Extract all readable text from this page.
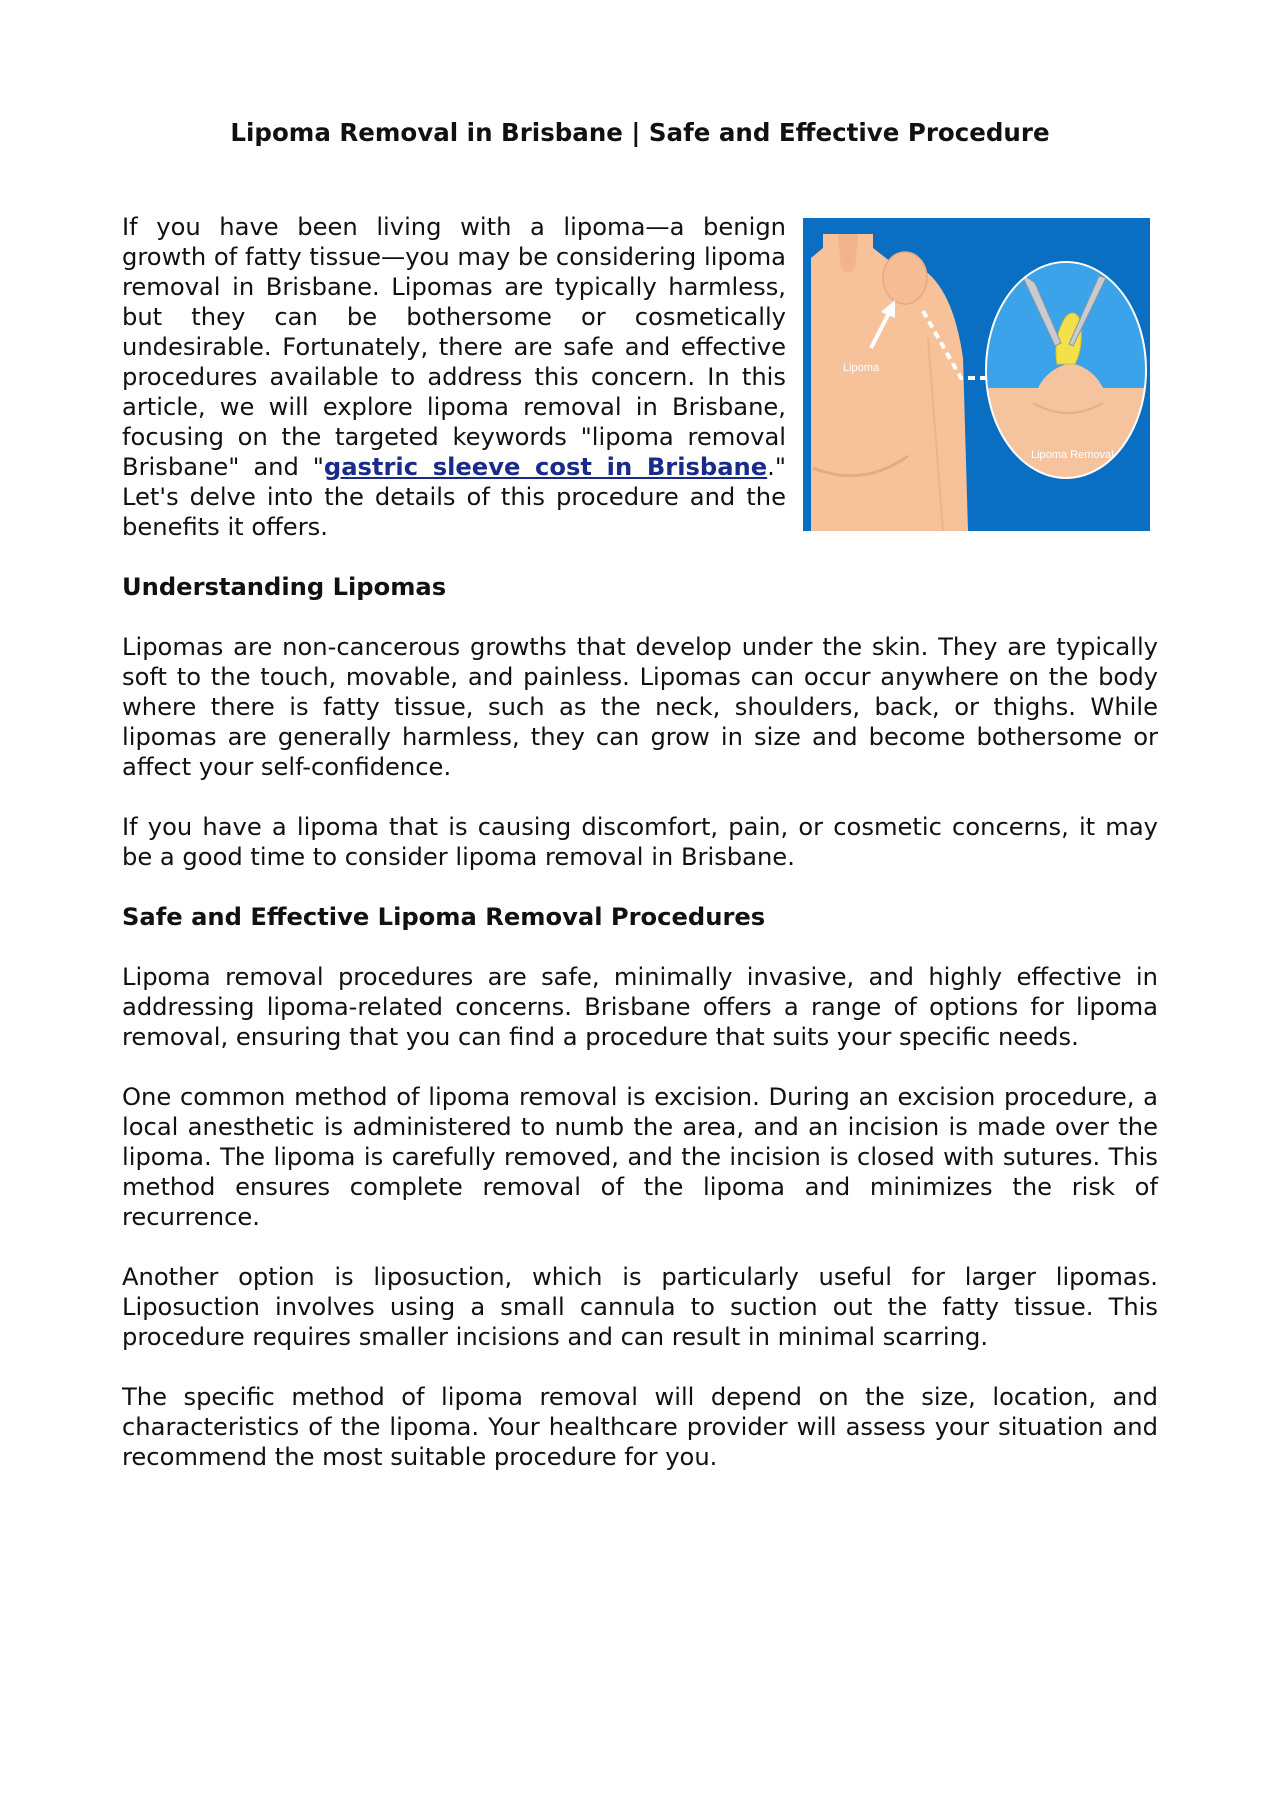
Lipoma Removal in Brisbane | Safe and Effective Procedure
Lipoma
Lipoma Removal

If you have been living with a lipoma—a benign growth of fatty tissue—you may be considering lipoma removal in Brisbane. Lipomas are typically harmless, but they can be bothersome or cosmetically undesirable. Fortunately, there are safe and effective procedures available to address this concern. In this article, we will explore lipoma removal in Brisbane, focusing on the targeted keywords "lipoma removal Brisbane" and "gastric sleeve cost in Brisbane." Let's delve into the details of this procedure and the benefits it offers.

Understanding Lipomas

Lipomas are non-cancerous growths that develop under the skin. They are typically soft to the touch, movable, and painless. Lipomas can occur anywhere on the body where there is fatty tissue, such as the neck, shoulders, back, or thighs. While lipomas are generally harmless, they can grow in size and become bothersome or affect your self-confidence.

If you have a lipoma that is causing discomfort, pain, or cosmetic concerns, it may be a good time to consider lipoma removal in Brisbane.

Safe and Effective Lipoma Removal Procedures

Lipoma removal procedures are safe, minimally invasive, and highly effective in addressing lipoma-related concerns. Brisbane offers a range of options for lipoma removal, ensuring that you can find a procedure that suits your specific needs.

One common method of lipoma removal is excision. During an excision procedure, a local anesthetic is administered to numb the area, and an incision is made over the lipoma. The lipoma is carefully removed, and the incision is closed with sutures. This method ensures complete removal of the lipoma and minimizes the risk of recurrence.

Another option is liposuction, which is particularly useful for larger lipomas. Liposuction involves using a small cannula to suction out the fatty tissue. This procedure requires smaller incisions and can result in minimal scarring.

The specific method of lipoma removal will depend on the size, location, and characteristics of the lipoma. Your healthcare provider will assess your situation and recommend the most suitable procedure for you.
